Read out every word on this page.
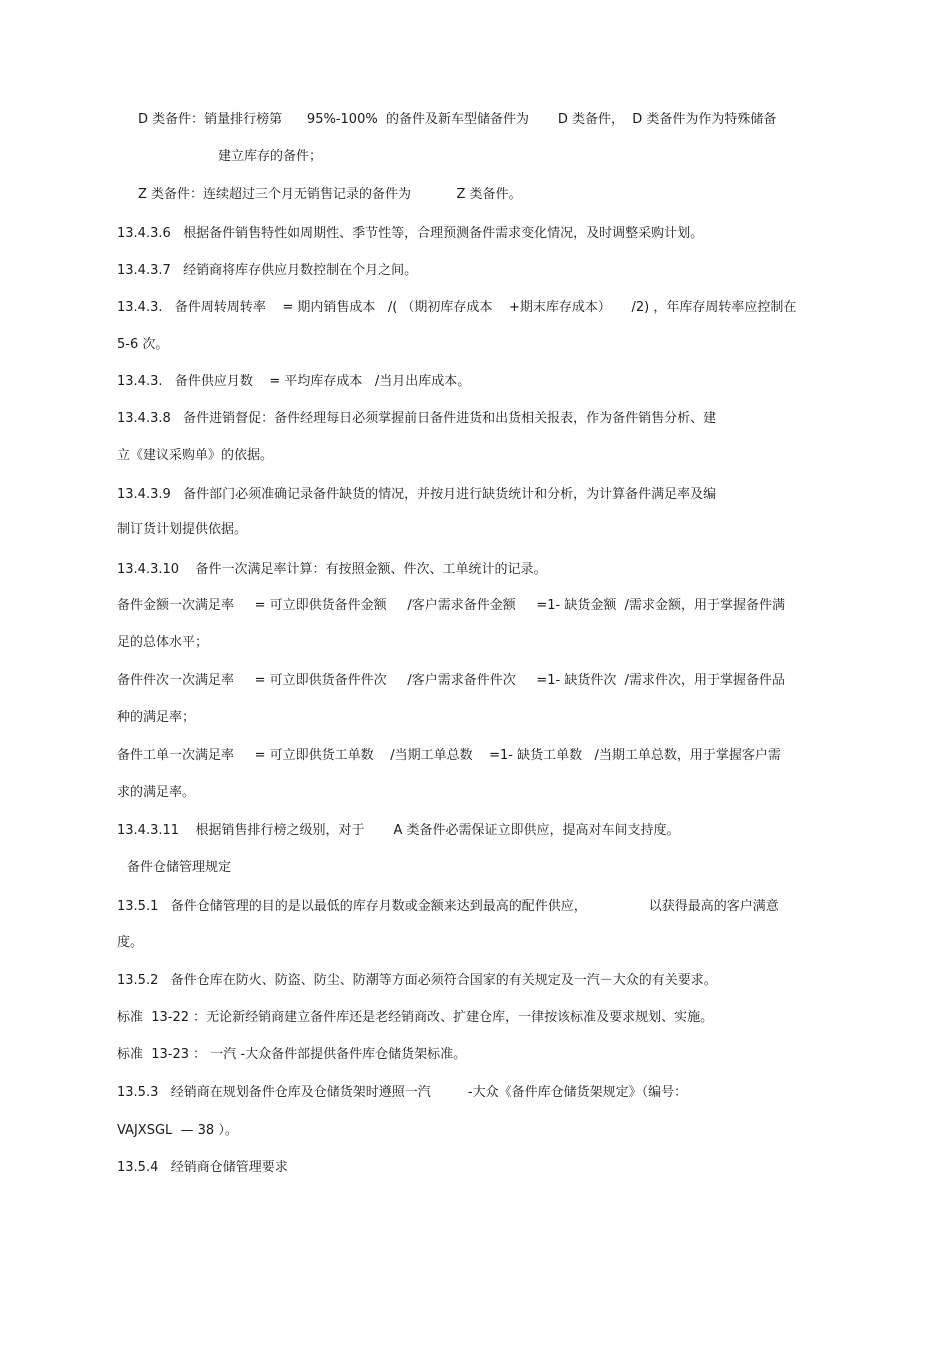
D 类备件：销量排行榜第      95%-100%  的备件及新车型储备件为       D 类备件，  D 类备件为作为特殊储备
建立库存的备件；
Z 类备件：连续超过三个月无销售记录的备件为           Z 类备件。
13.4.3.6   根据备件销售特性如周期性、季节性等，合理预测备件需求变化情况，及时调整采购计划。
13.4.3.7   经销商将库存供应月数控制在个月之间。
13.4.3.   备件周转周转率    = 期内销售成本   /( （期初库存成本    +期末库存成本）     /2) ，年库存周转率应控制在
5-6 次。
13.4.3.   备件供应月数    = 平均库存成本   /当月出库成本。
13.4.3.8   备件进销督促：备件经理每日必须掌握前日备件进货和出货相关报表，作为备件销售分析、建
立《建议采购单》的依据。
13.4.3.9   备件部门必须准确记录备件缺货的情况，并按月进行缺货统计和分析，为计算备件满足率及编
制订货计划提供依据。
13.4.3.10    备件一次满足率计算：有按照金额、件次、工单统计的记录。
备件金额一次满足率     = 可立即供货备件金额     /客户需求备件金额     =1- 缺货金额  /需求金额，用于掌握备件满
足的总体水平；
备件件次一次满足率     = 可立即供货备件件次     /客户需求备件件次     =1- 缺货件次  /需求件次，用于掌握备件品
种的满足率；
备件工单一次满足率     = 可立即供货工单数    /当期工单总数    =1- 缺货工单数   /当期工单总数，用于掌握客户需
求的满足率。
13.4.3.11    根据销售排行榜之级别，对于       A 类备件必需保证立即供应，提高对车间支持度。
备件仓储管理规定
13.5.1   备件仓储管理的目的是以最低的库存月数或金额来达到最高的配件供应，               以获得最高的客户满意
度。
13.5.2   备件仓库在防火、防盗、防尘、防潮等方面必须符合国家的有关规定及一汽－大众的有关要求。
标准  13-22 ：无论新经销商建立备件库还是老经销商改、扩建仓库，一律按该标准及要求规划、实施。
标准  13-23 ： 一汽 -大众备件部提供备件库仓储货架标准。
13.5.3   经销商在规划备件仓库及仓储货架时遵照一汽         -大众《备件库仓储货架规定》（编号：
VAJXSGL  — 38 ）。
13.5.4   经销商仓储管理要求
